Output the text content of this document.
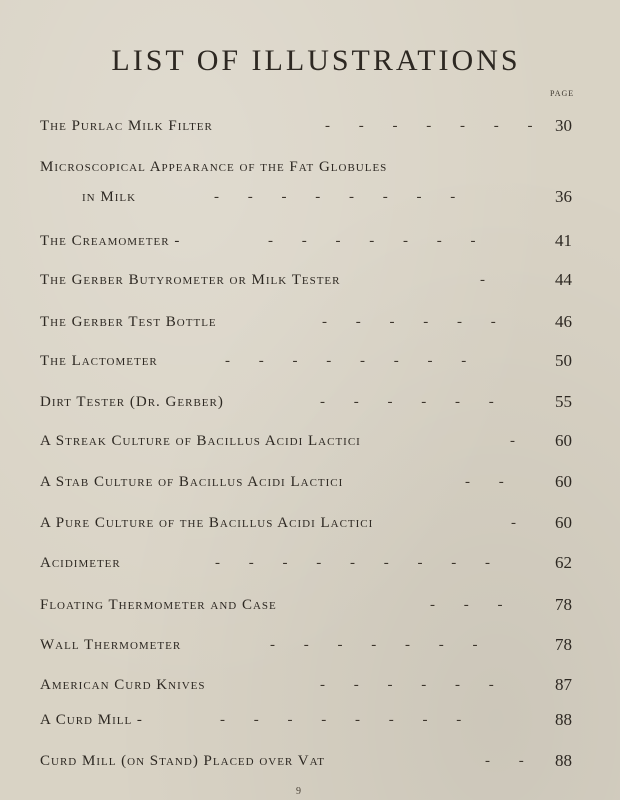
LIST OF ILLUSTRATIONS
PAGE
The Purlac Milk Filter	- - - - - - -	30
Microscopical Appearance of the Fat Globules
in Milk	- - - - - - - -	36
The Creamometer -	- - - - - - -	41
The Gerber Butyrometer or Milk Tester	-	44
The Gerber Test Bottle	- - - - - -	46
The Lactometer	- - - - - - - -	50
Dirt Tester (Dr. Gerber)	- - - - - -	55
A Streak Culture of Bacillus Acidi Lactici	-	60
A Stab Culture of Bacillus Acidi Lactici	- -	60
A Pure Culture of the Bacillus Acidi Lactici	-	60
Acidimeter	- - - - - - - - -	62
Floating Thermometer and Case	- - -	78
Wall Thermometer	- - - - - - -	78
American Curd Knives	- - - - - -	87
A Curd Mill -	- - - - - - - -	88
Curd Mill (on Stand) Placed over Vat	- -	88
9
